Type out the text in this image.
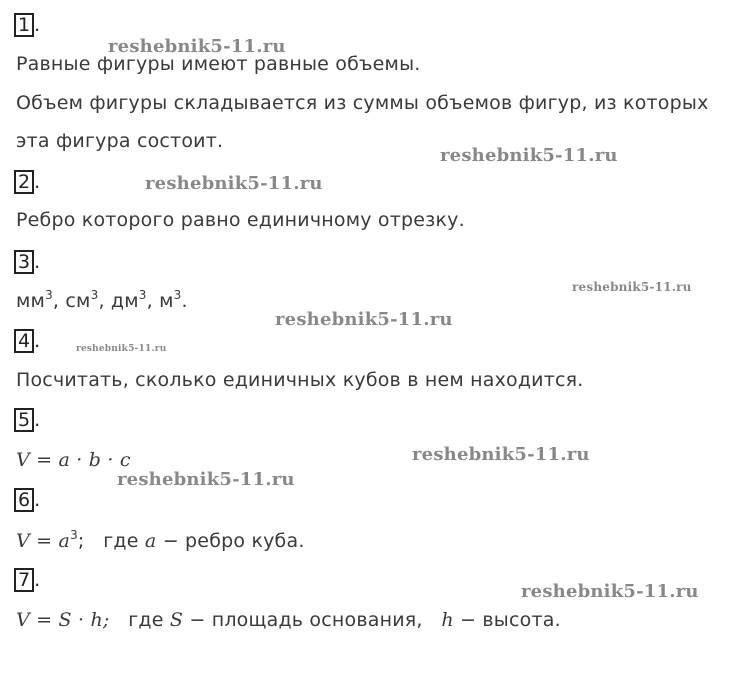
1 .
Равные фигуры имеют равные объемы.
Объем фигуры складывается из суммы объемов фигур, из которых
эта фигура состоит.
2 .
Ребро которого равно единичному отрезку.
3 .
$мм^3$, $см^3$, $дм^3$, $м^3$.
4 .
Посчитать, сколько единичных кубов в нем находится.
5 .
V = a · b · c
6 .
$V = a^3$; где a − ребро куба.
7 .
V = S · h; где S − площадь основания, h − высота.
reshebnik5-11.ru
reshebnik5-11.ru
reshebnik5-11.ru
reshebnik5-11.ru
reshebnik5-11.ru
reshebnik5-11.ru
reshebnik5-11.ru
reshebnik5-11.ru
reshebnik5-11.ru
